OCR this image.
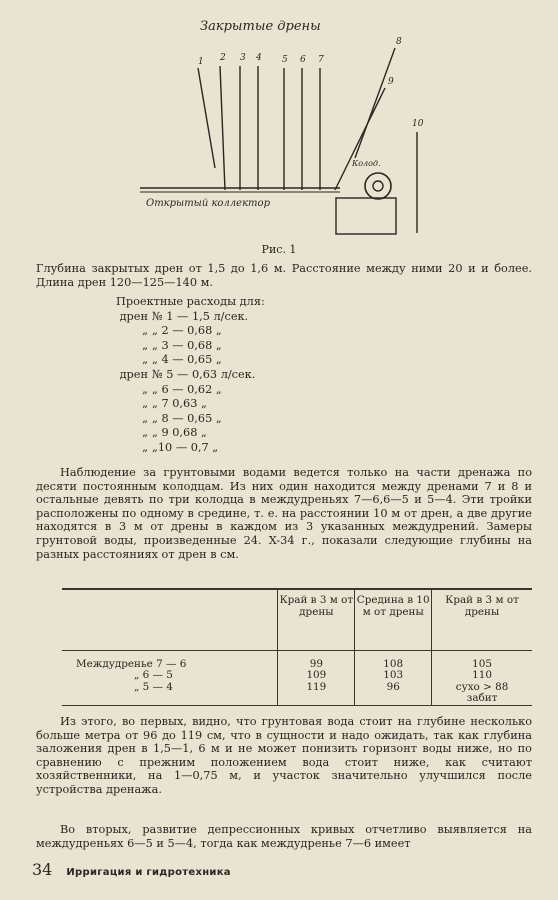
Закрытые дрены
1 2 3 4 5 6 7
8
9
10
Открытый коллектор
Колод.
Рис. 1

Глубина закрытых дрен от 1,5 до 1,6 м. Расстояние между ними 20 и и более. Длина дрен 120—125—140 м.

Проектные расходы для:
дрен № 1 — 1,5 л/сек.
„ „ 2 — 0,68 „
„ „ 3 — 0,68 „
„ „ 4 — 0,65 „
дрен № 5 — 0,63 л/сек.
„ „ 6 — 0,62 „
„ „ 7 0,63 „
„ „ 8 — 0,65 „
„ „ 9 0,68 „
„ „10 — 0,7 „

Наблюдение за грунтовыми водами ведется только на части дренажа по десяти постоянным колодцам. Из них один находится между дренами 7 и 8 и остальные девять по три колодца в междудреньях 7—6,6—5 и 5—4. Эти тройки расположены по одному в средине, т. е. на расстоянии 10 м от дрен, а две другие находятся в 3 м от дрены в каждом из 3 указанных междудрений. Замеры грунтовой воды, произведенные 24. X-34 г., показали следующие глубины на разных расстояниях от дрен в см.

	Край в 3 м от дрены	Средина в 10 м от дрены	Край в 3 м от дрены
Междудренье 7 — 6	99	108	105
„ 6 — 5	109	103	110
„ 5 — 4	119	96	сухо > 88 забит

Из этого, во первых, видно, что грунтовая вода стоит на глубине несколько больше метра от 96 до 119 см, что в сущности и надо ожидать, так как глубина заложения дрен в 1,5—1, 6 м и не может понизить горизонт воды ниже, но по сравнению с прежним положением вода стоит ниже, как считают хозяйственники, на 1—0,75 м, и участок значительно улучшился после устройства дренажа.

Во вторых, развитие депрессионных кривых отчетливо выявляется на междудреньях 6—5 и 5—4, тогда как междудренье 7—6 имеет

34 Ирригация и гидротехника
